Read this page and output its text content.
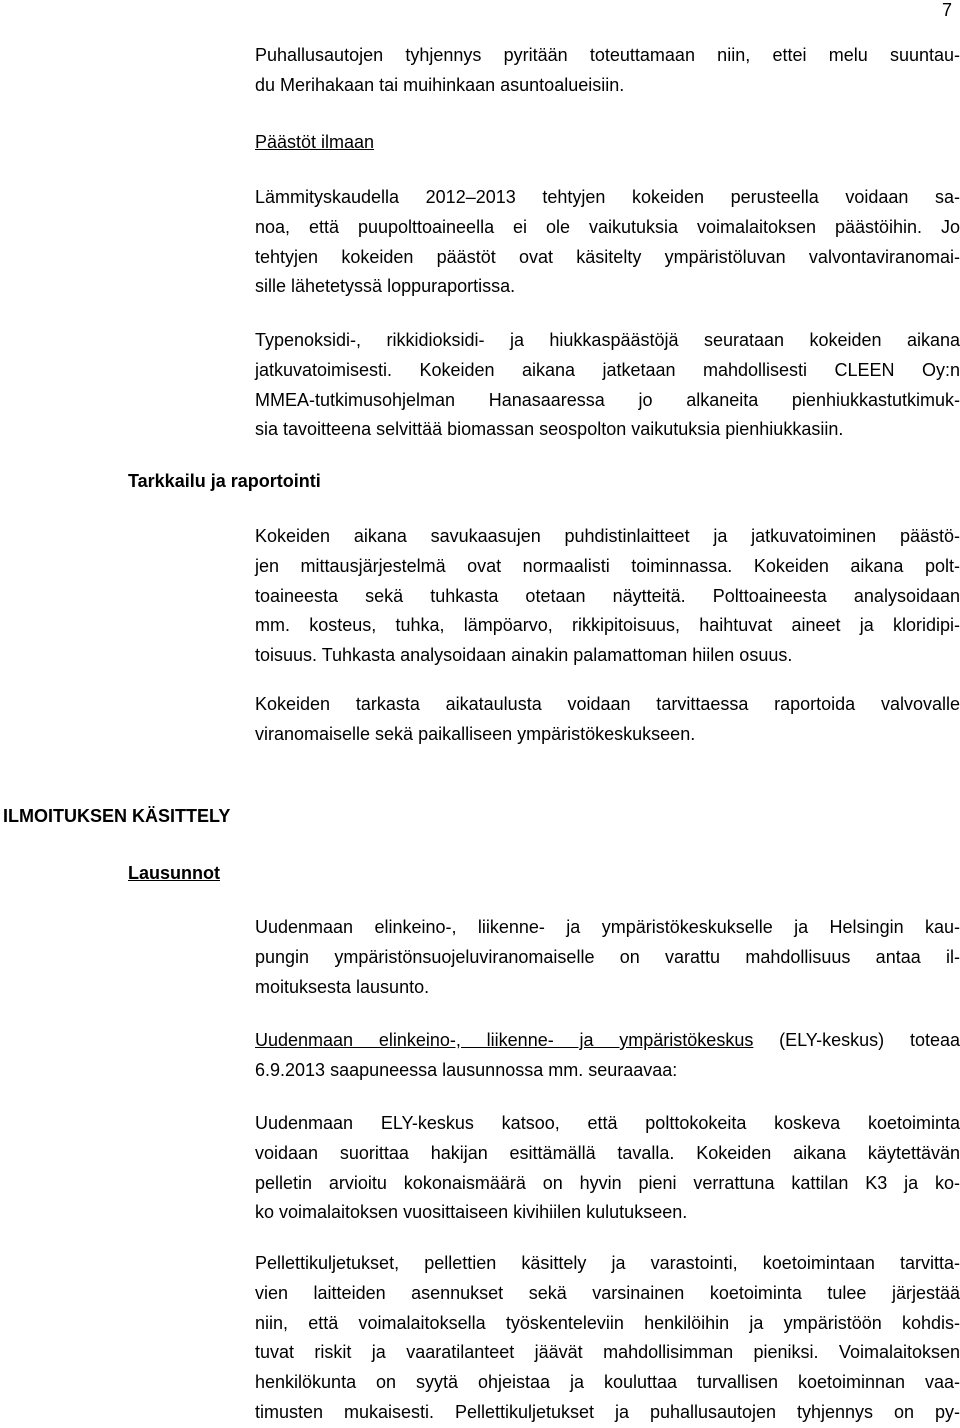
7
Puhallusautojen tyhjennys pyritään toteuttamaan niin, ettei melu suuntau-
du Merihakaan tai muihinkaan asuntoalueisiin.
Päästöt ilmaan
Lämmityskaudella 2012–2013 tehtyjen kokeiden perusteella voidaan sa-
noa, että puupolttoaineella ei ole vaikutuksia voimalaitoksen päästöihin. Jo
tehtyjen kokeiden päästöt ovat käsitelty ympäristöluvan valvontaviranomai-
sille lähetetyssä loppuraportissa.
Typenoksidi-, rikkidioksidi- ja hiukkaspäästöjä seurataan kokeiden aikana
jatkuvatoimisesti. Kokeiden aikana jatketaan mahdollisesti CLEEN Oy:n
MMEA-tutkimusohjelman Hanasaaressa jo alkaneita pienhiukkastutkimuk-
sia tavoitteena selvittää biomassan seospolton vaikutuksia pienhiukkasiin.
Tarkkailu ja raportointi
Kokeiden aikana savukaasujen puhdistinlaitteet ja jatkuvatoiminen päästö-
jen mittausjärjestelmä ovat normaalisti toiminnassa. Kokeiden aikana polt-
toaineesta sekä tuhkasta otetaan näytteitä. Polttoaineesta analysoidaan
mm. kosteus, tuhka, lämpöarvo, rikkipitoisuus, haihtuvat aineet ja kloridipi-
toisuus. Tuhkasta analysoidaan ainakin palamattoman hiilen osuus.
Kokeiden tarkasta aikataulusta voidaan tarvittaessa raportoida valvovalle
viranomaiselle sekä paikalliseen ympäristökeskukseen.
ILMOITUKSEN KÄSITTELY
Lausunnot
Uudenmaan elinkeino-, liikenne- ja ympäristökeskukselle ja Helsingin kau-
pungin ympäristönsuojeluviranomaiselle on varattu mahdollisuus antaa il-
moituksesta lausunto.
Uudenmaan elinkeino-, liikenne- ja ympäristökeskus (ELY-keskus) toteaa
6.9.2013 saapuneessa lausunnossa mm. seuraavaa:
Uudenmaan ELY-keskus katsoo, että polttokokeita koskeva koetoiminta
voidaan suorittaa hakijan esittämällä tavalla. Kokeiden aikana käytettävän
pelletin arvioitu kokonaismäärä on hyvin pieni verrattuna kattilan K3 ja ko-
ko voimalaitoksen vuosittaiseen kivihiilen kulutukseen.
Pellettikuljetukset, pellettien käsittely ja varastointi, koetoimintaan tarvitta-
vien laitteiden asennukset sekä varsinainen koetoiminta tulee järjestää
niin, että voimalaitoksella työskenteleviin henkilöihin ja ympäristöön kohdis-
tuvat riskit ja vaaratilanteet jäävät mahdollisimman pieniksi. Voimalaitoksen
henkilökunta on syytä ohjeistaa ja kouluttaa turvallisen koetoiminnan vaa-
timusten mukaisesti. Pellettikuljetukset ja puhallusautojen tyhjennys on py-
